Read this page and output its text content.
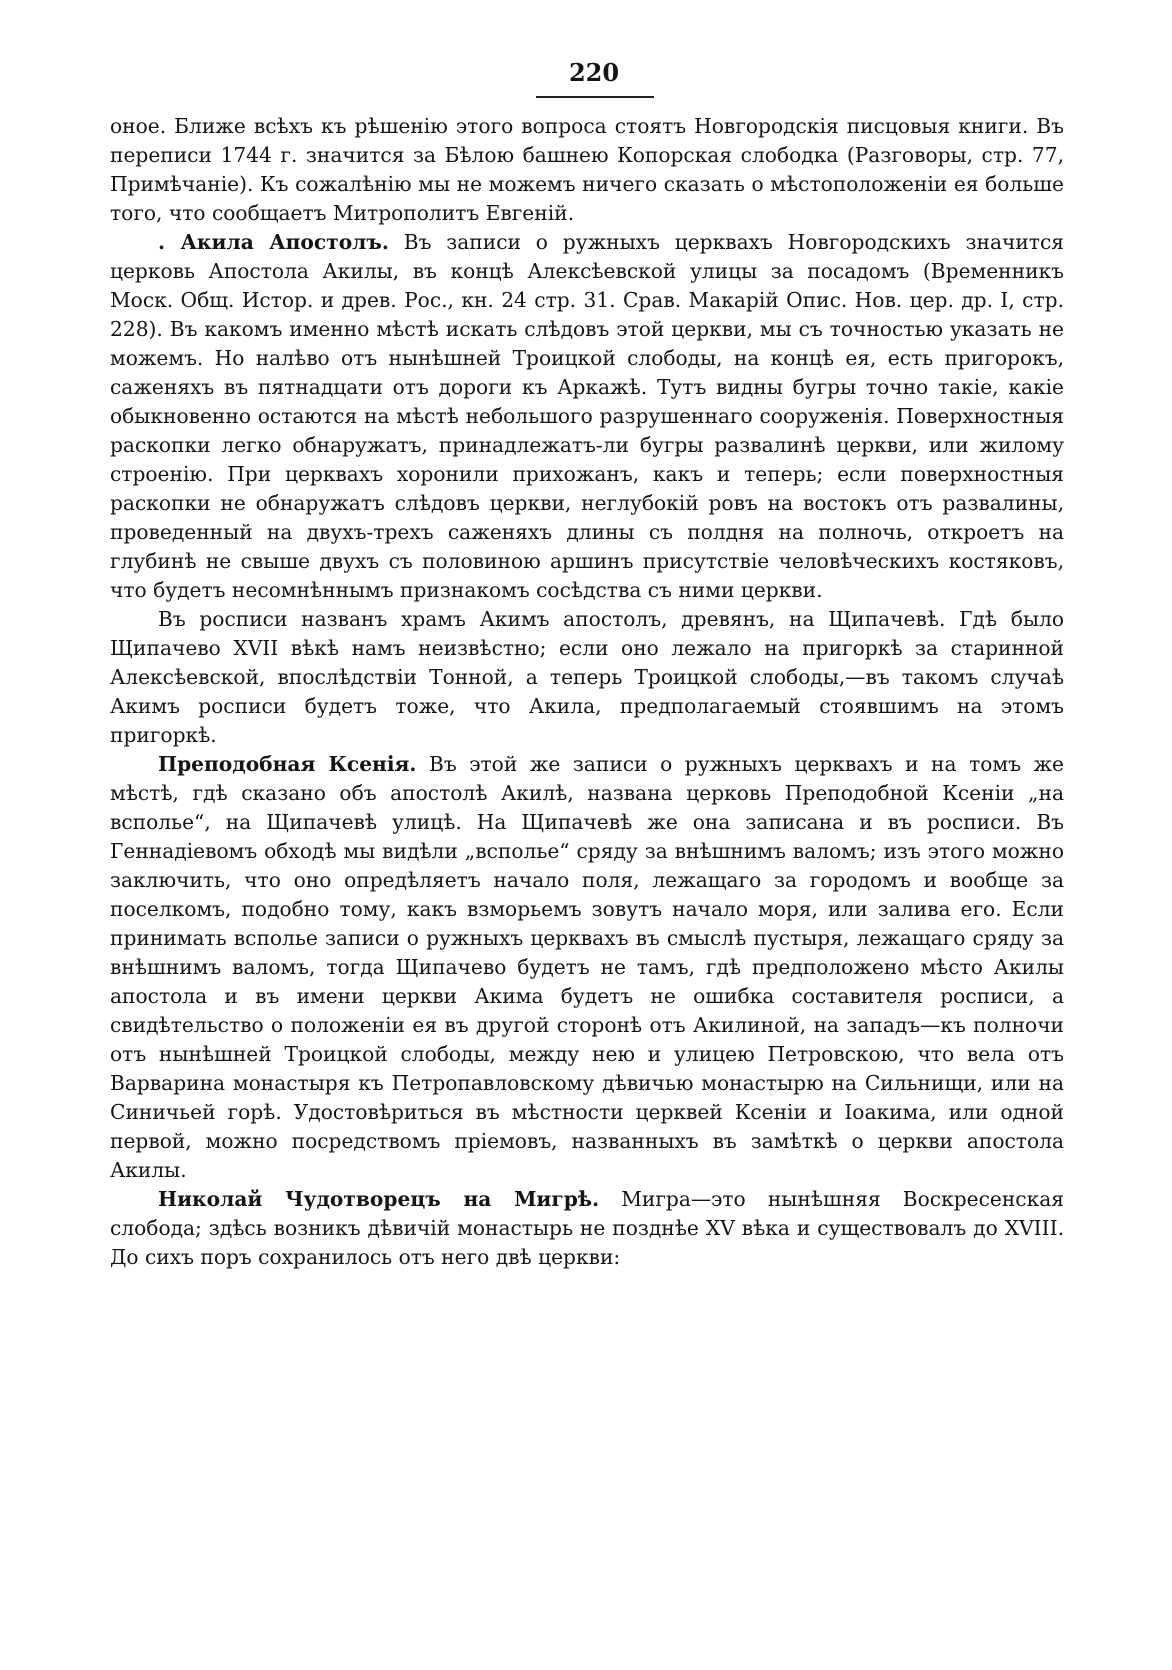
220

оное. Ближе всѣхъ къ рѣшенію этого вопроса стоятъ Новгородскія писцовыя книги. Въ переписи 1744 г. значится за Бѣлою башнею Копорская слободка (Разговоры, стр. 77, Примѣчаніе). Къ сожалѣнію мы не можемъ ничего сказать о мѣстоположеніи ея больше того, что сообщаетъ Митрополитъ Евгеній.

. Акила Апостолъ. Въ записи о ружныхъ церквахъ Новгородскихъ значится церковь Апостола Акилы, въ концѣ Алексѣевской улицы за посадомъ (Временникъ Моск. Общ. Истор. и древ. Рос., кн. 24 стр. 31. Срав. Макарій Опис. Нов. цер. др. I, стр. 228). Въ какомъ именно мѣстѣ искать слѣдовъ этой церкви, мы съ точностью указать не можемъ. Но налѣво отъ нынѣшней Троицкой слободы, на концѣ ея, есть пригорокъ, саженяхъ въ пятнадцати отъ дороги къ Аркажѣ. Тутъ видны бугры точно такіе, какіе обыкновенно остаются на мѣстѣ небольшого разрушеннаго сооруженія. Поверхностныя раскопки легко обнаружатъ, принадлежатъ-ли бугры развалинѣ церкви, или жилому строенію. При церквахъ хоронили прихожанъ, какъ и теперь; если поверхностныя раскопки не обнаружатъ слѣдовъ церкви, неглубокій ровъ на востокъ отъ развалины, проведенный на двухъ-трехъ саженяхъ длины съ полдня на полночь, откроетъ на глубинѣ не свыше двухъ съ половиною аршинъ присутствіе человѣческихъ костяковъ, что будетъ несомнѣннымъ признакомъ сосѣдства съ ними церкви.

Въ росписи названъ храмъ Акимъ апостолъ, древянъ, на Щипачевѣ. Гдѣ было Щипачево XVII вѣкѣ намъ неизвѣстно; если оно лежало на пригоркѣ за старинной Алексѣевской, впослѣдствіи Тонной, а теперь Троицкой слободы,—въ такомъ случаѣ Акимъ росписи будетъ тоже, что Акила, предполагаемый стоявшимъ на этомъ пригоркѣ.

Преподобная Ксенія. Въ этой же записи о ружныхъ церквахъ и на томъ же мѣстѣ, гдѣ сказано объ апостолѣ Акилѣ, названа церковь Преподобной Ксеніи „на всполье“, на Щипачевѣ улицѣ. На Щипачевѣ же она записана и въ росписи. Въ Геннадіевомъ обходѣ мы видѣли „всполье“ сряду за внѣшнимъ валомъ; изъ этого можно заключить, что оно опредѣляетъ начало поля, лежащаго за городомъ и вообще за поселкомъ, подобно тому, какъ взморьемъ зовутъ начало моря, или залива его. Если принимать всполье записи о ружныхъ церквахъ въ смыслѣ пустыря, лежащаго сряду за внѣшнимъ валомъ, тогда Щипачево будетъ не тамъ, гдѣ предположено мѣсто Акилы апостола и въ имени церкви Акима будетъ не ошибка составителя росписи, а свидѣтельство о положеніи ея въ другой сторонѣ отъ Акилиной, на западъ—къ полночи отъ нынѣшней Троицкой слободы, между нею и улицею Петровскою, что вела отъ Варварина монастыря къ Петропавловскому дѣвичью монастырю на Сильнищи, или на Синичьей горѣ. Удостовѣриться въ мѣстности церквей Ксеніи и Іоакима, или одной первой, можно посредствомъ пріемовъ, названныхъ въ замѣткѣ о церкви апостола Акилы.

Николай Чудотворецъ на Мигрѣ. Мигра—это нынѣшняя Воскресенская слобода; здѣсь возникъ дѣвичій монастырь не позднѣе XV вѣка и существовалъ до XVIII. До сихъ поръ сохранилось отъ него двѣ церкви:
